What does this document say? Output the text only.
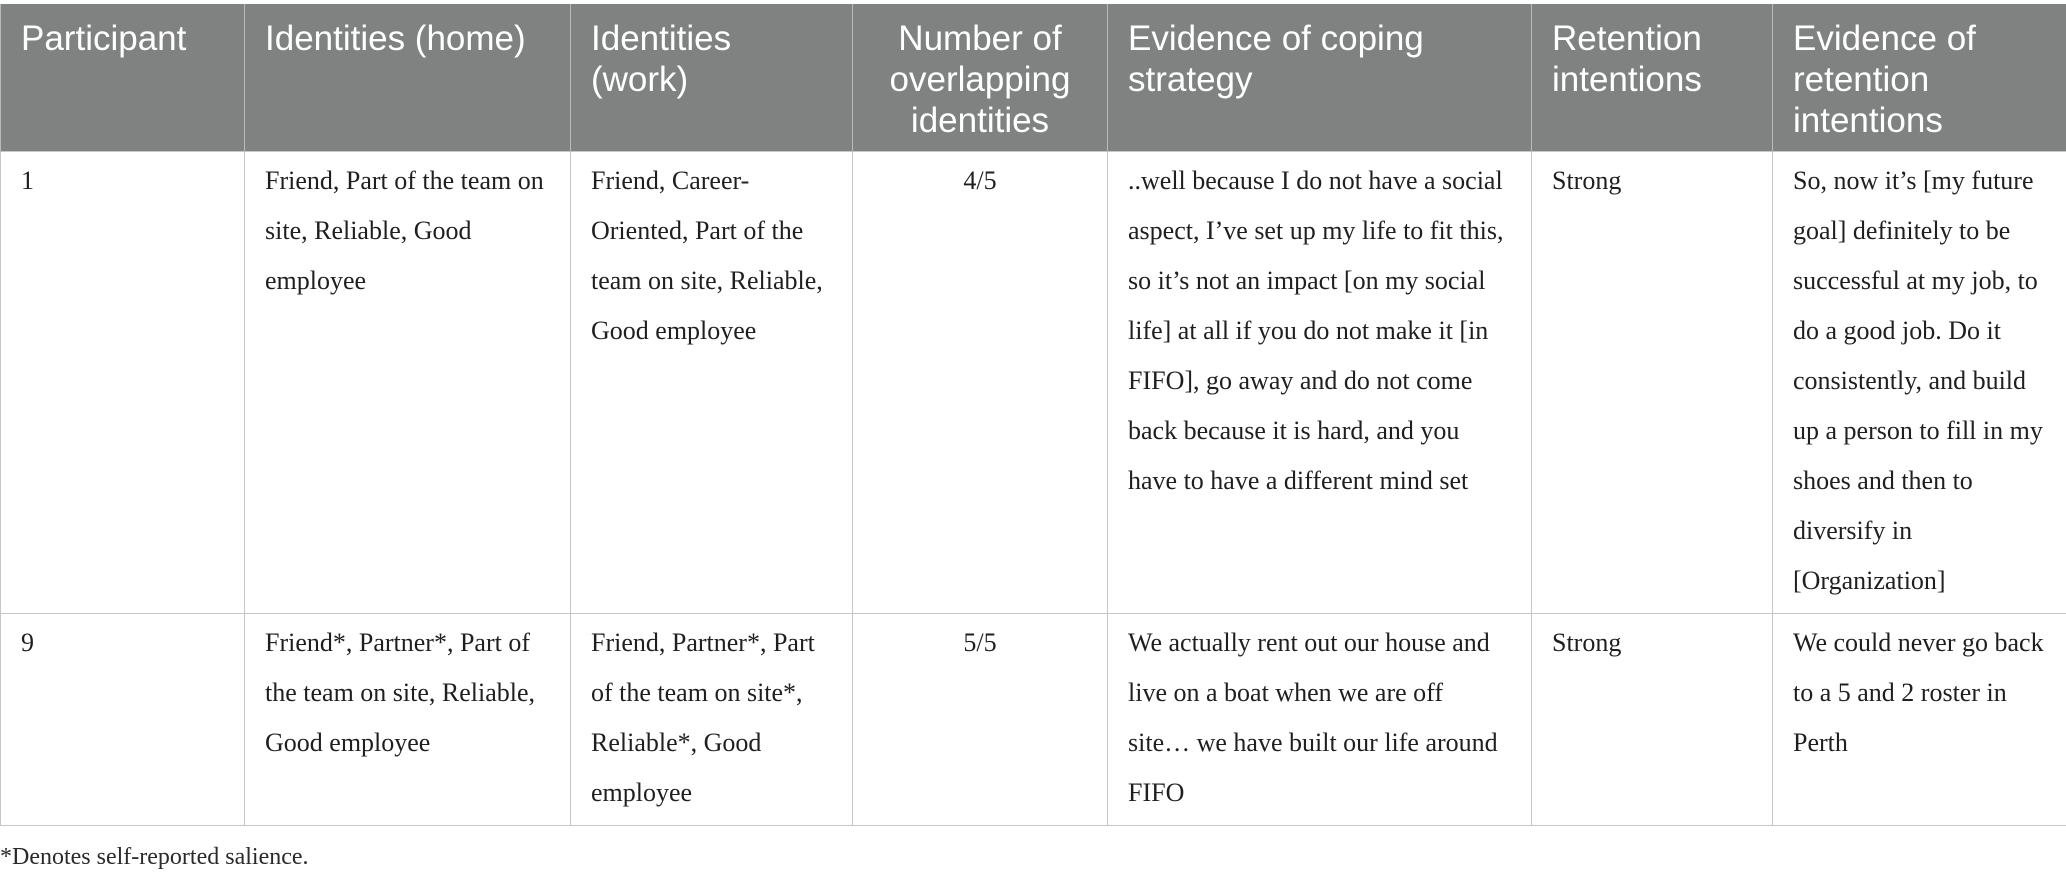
Participant	Identities (home)	Identities (work)	Number of overlapping identities	Evidence of coping strategy	Retention intentions	Evidence of retention intentions
1	Friend, Part of the team on site, Reliable, Good employee	Friend, Career-Oriented, Part of the team on site, Reliable, Good employee	4/5	..well because I do not have a social aspect, I’ve set up my life to fit this, so it’s not an impact [on my social life] at all if you do not make it [in FIFO], go away and do not come back because it is hard, and you have to have a different mind set	Strong	So, now it’s [my future goal] definitely to be successful at my job, to do a good job. Do it consistently, and build up a person to fill in my shoes and then to diversify in [Organization]
9	Friend*, Partner*, Part of the team on site, Reliable, Good employee	Friend, Partner*, Part of the team on site*, Reliable*, Good employee	5/5	We actually rent out our house and live on a boat when we are off site… we have built our life around FIFO	Strong	We could never go back to a 5 and 2 roster in Perth
*Denotes self-reported salience.
